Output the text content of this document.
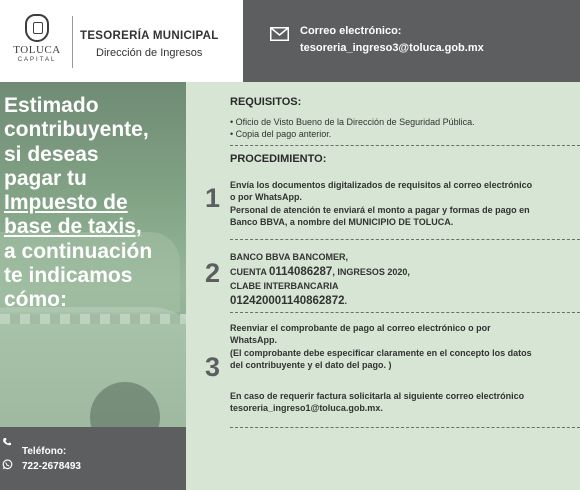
TOLUCA
CAPITAL
TESORERÍA MUNICIPAL
Dirección de Ingresos
Correo electrónico:
tesoreria_ingreso3@toluca.gob.mx
Estimado
contribuyente,
si deseas
pagar tu
Impuesto de
base de taxis,
a continuación
te indicamos
cómo:
Teléfono:
722-2678493
REQUISITOS:
• Oficio de Visto Bueno de la Dirección de Seguridad Pública.
• Copia del pago anterior.
PROCEDIMIENTO:
1 Envía los documentos digitalizados de requisitos al correo electrónico
o por WhatsApp.
Personal de atención te enviará el monto a pagar y formas de pago en
Banco BBVA, a nombre del MUNICIPIO DE TOLUCA.
2
BANCO BBVA BANCOMER,
CUENTA 0114086287, INGRESOS 2020,
CLABE INTERBANCARIA
012420001140862872.
3
Reenviar el comprobante de pago al correo electrónico o por
WhatsApp.
(El comprobante debe especificar claramente en el concepto los datos
del contribuyente y el dato del pago. )
En caso de requerir factura solicitarla al siguiente correo electrónico
tesoreria_ingreso1@toluca.gob.mx.
